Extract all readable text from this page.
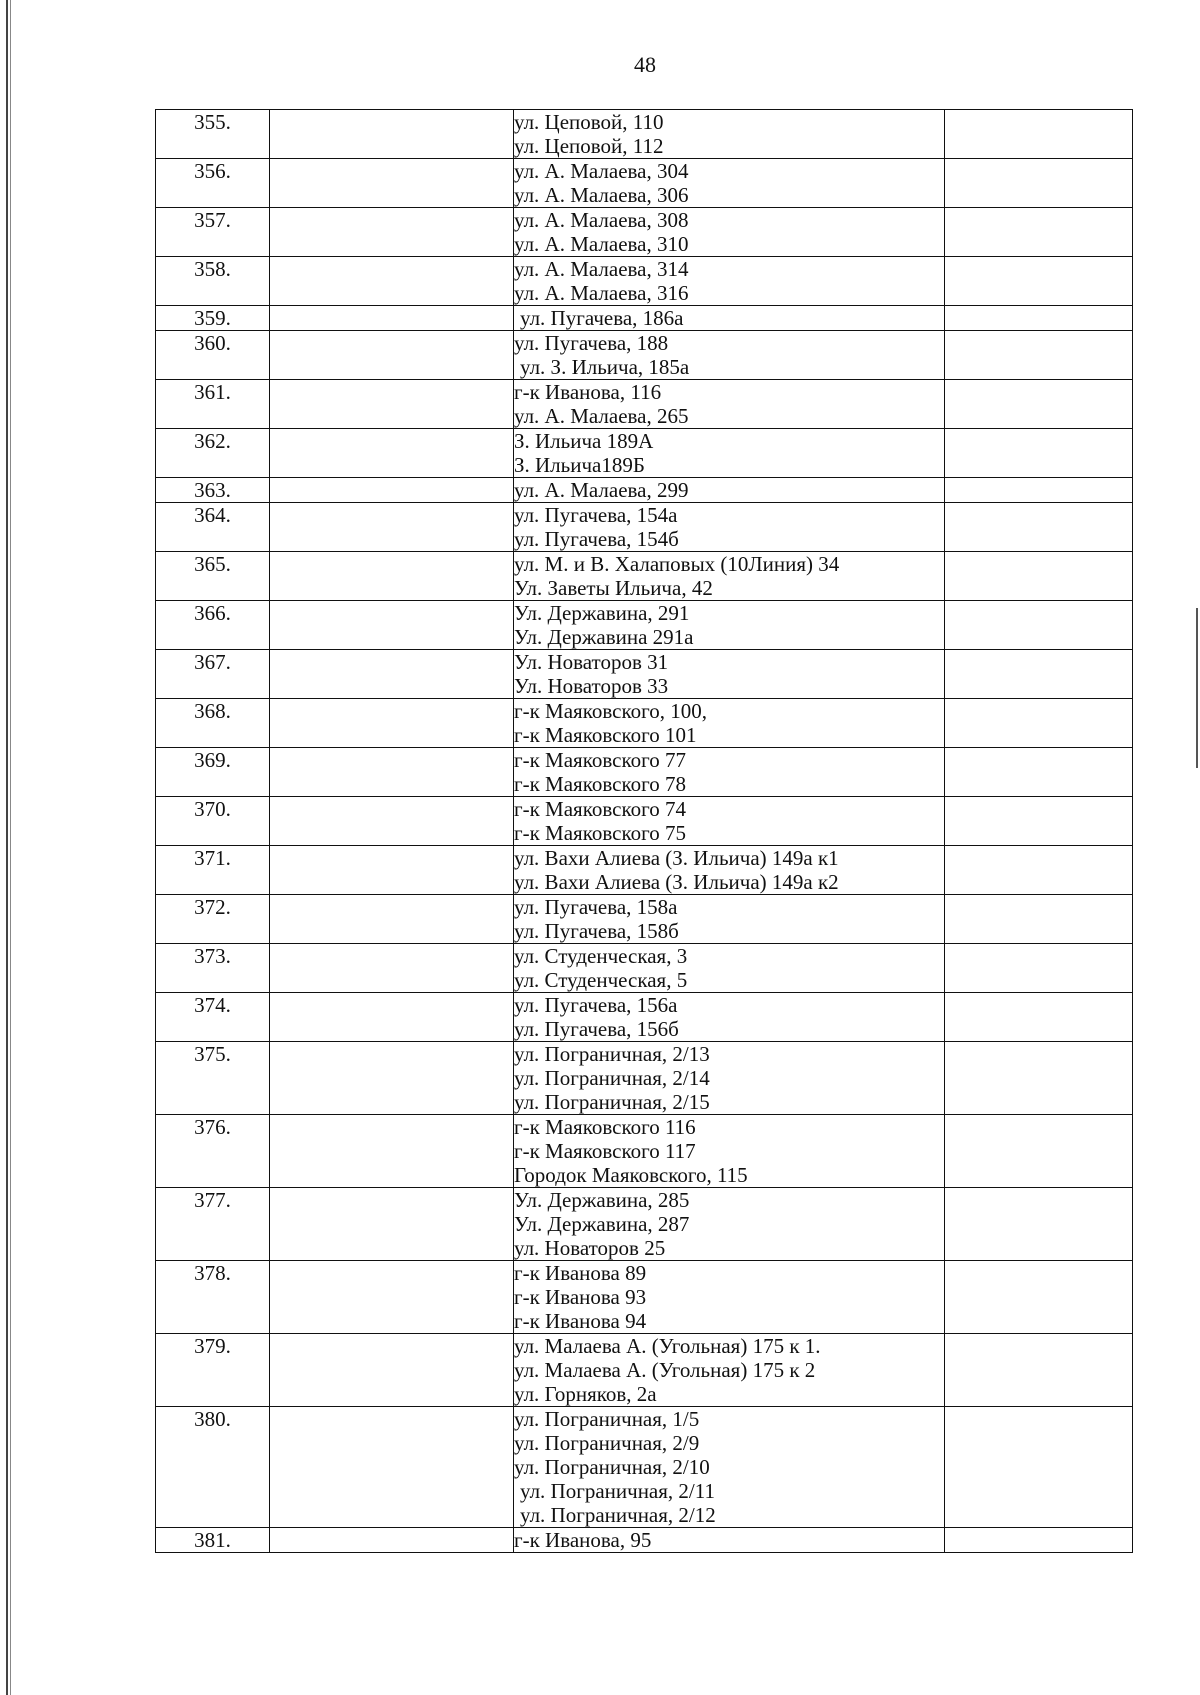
48
355.		ул. Цеповой, 110
ул. Цеповой, 112	

356.		ул. А. Малаева, 304
ул. А. Малаева, 306	

357.		ул. А. Малаева, 308
ул. А. Малаева, 310	

358.		ул. А. Малаева, 314
ул. А. Малаева, 316	

359.		ул. Пугачева, 186а	

360.		ул. Пугачева, 188
ул. З. Ильича, 185а	

361.		г-к Иванова, 116
ул. А. Малаева, 265	

362.		З. Ильича 189А
З. Ильича189Б	

363.		ул. А. Малаева, 299	

364.		ул. Пугачева, 154а
ул. Пугачева, 154б	

365.		ул. М. и В. Халаповых (10Линия) 34
Ул. Заветы Ильича, 42	

366.		Ул. Державина, 291
Ул. Державина 291а	

367.		Ул. Новаторов 31
Ул. Новаторов 33	

368.		г-к Маяковского, 100,
г-к Маяковского 101	

369.		г-к Маяковского 77
г-к Маяковского 78	

370.		г-к Маяковского 74
г-к Маяковского 75	

371.		ул. Вахи Алиева (З. Ильича) 149а к1
ул. Вахи Алиева (З. Ильича) 149а к2	

372.		ул. Пугачева, 158а
ул. Пугачева, 158б	

373.		ул. Студенческая, 3
ул. Студенческая, 5	

374.		ул. Пугачева, 156а
ул. Пугачева, 156б	

375.		ул. Пограничная, 2/13
ул. Пограничная, 2/14
ул. Пограничная, 2/15	

376.		г-к Маяковского 116
г-к Маяковского 117
Городок Маяковского, 115	

377.		Ул. Державина, 285
Ул. Державина, 287
ул. Новаторов 25	

378.		г-к Иванова 89
г-к Иванова 93
г-к Иванова 94	

379.		ул. Малаева А. (Угольная) 175 к 1.
ул. Малаева А. (Угольная) 175 к 2
ул. Горняков, 2а	

380.		ул. Пограничная, 1/5
ул. Пограничная, 2/9
ул. Пограничная, 2/10
ул. Пограничная, 2/11
ул. Пограничная, 2/12	

381.		г-к Иванова, 95	
